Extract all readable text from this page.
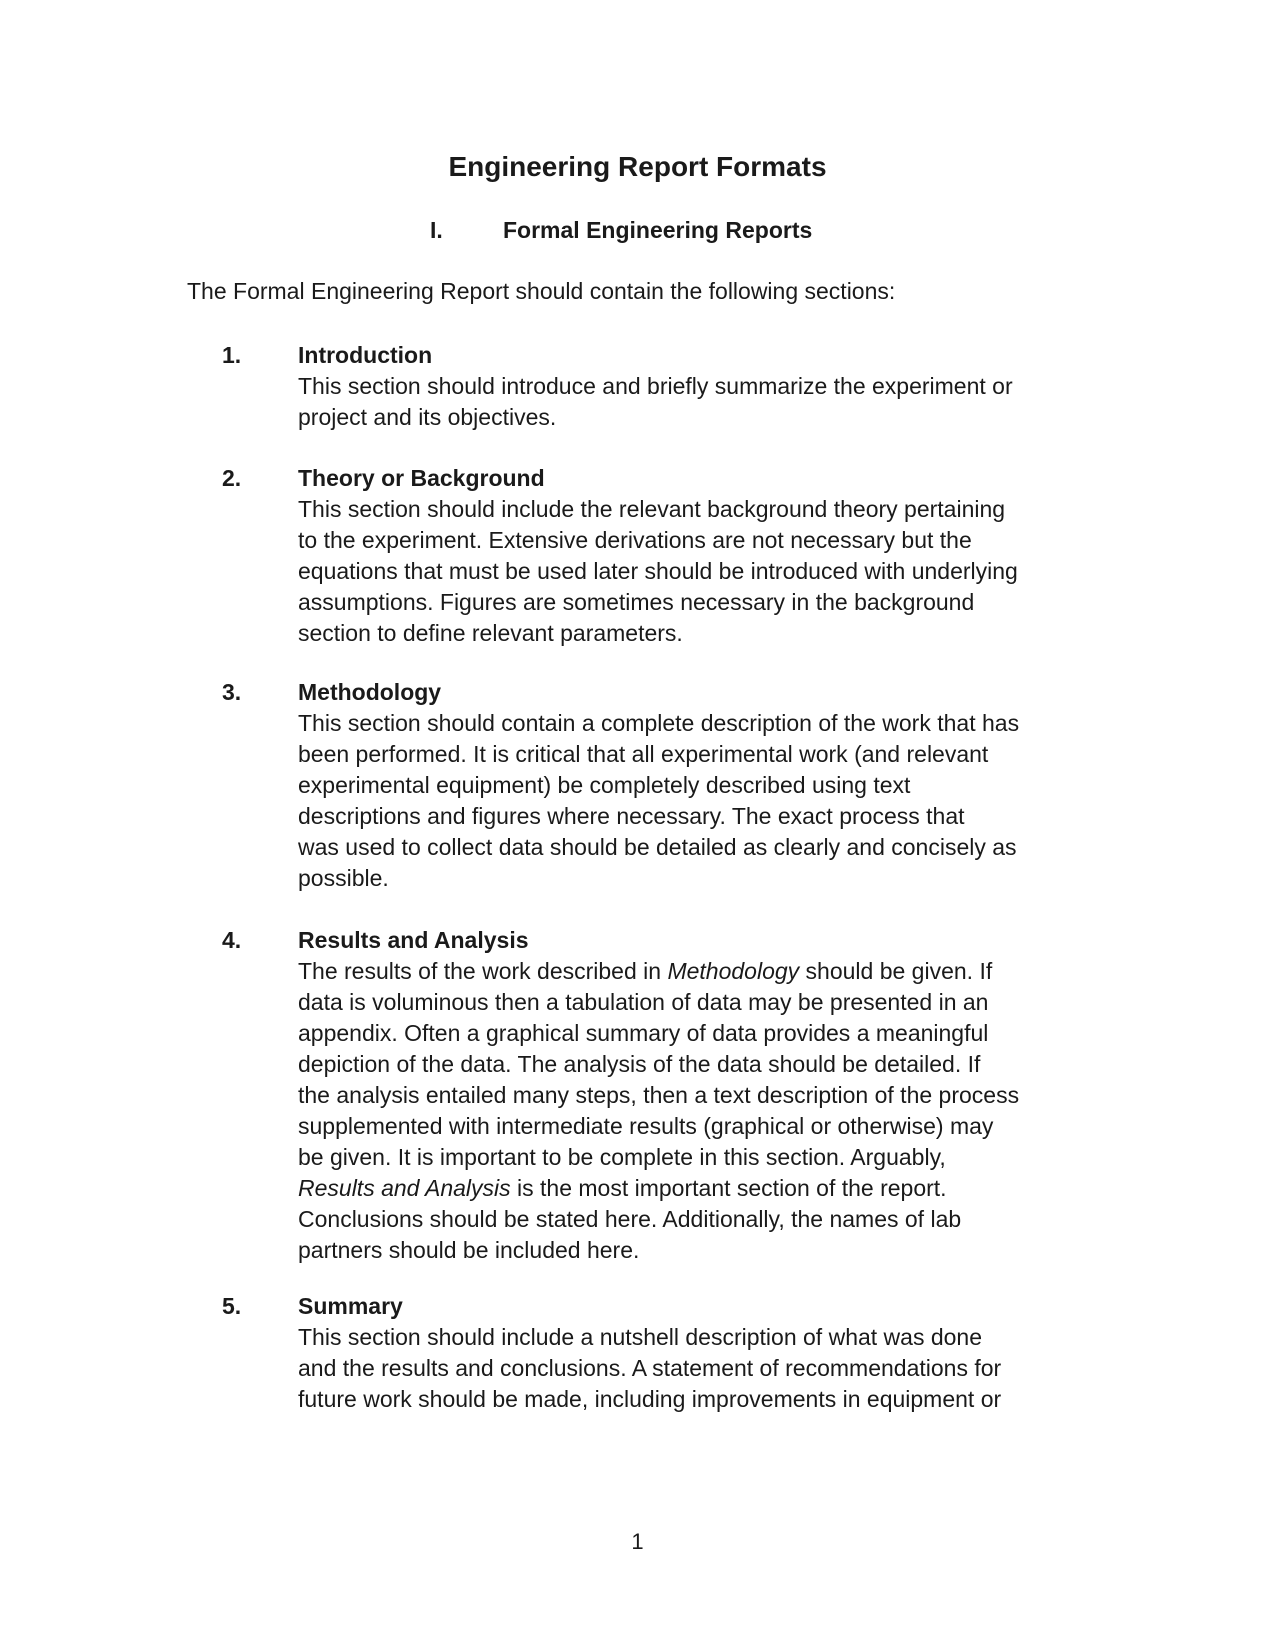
Engineering Report Formats
I.	Formal Engineering Reports

The Formal Engineering Report should contain the following sections:

1. Introduction
This section should introduce and briefly summarize the experiment or
project and its objectives.
2. Theory or Background
This section should include the relevant background theory pertaining
to the experiment. Extensive derivations are not necessary but the
equations that must be used later should be introduced with underlying
assumptions. Figures are sometimes necessary in the background
section to define relevant parameters.
3. Methodology
This section should contain a complete description of the work that has
been performed. It is critical that all experimental work (and relevant
experimental equipment) be completely described using text
descriptions and figures where necessary. The exact process that
was used to collect data should be detailed as clearly and concisely as
possible.
4. Results and Analysis
The results of the work described in Methodology should be given. If
data is voluminous then a tabulation of data may be presented in an
appendix. Often a graphical summary of data provides a meaningful
depiction of the data. The analysis of the data should be detailed. If
the analysis entailed many steps, then a text description of the process
supplemented with intermediate results (graphical or otherwise) may
be given. It is important to be complete in this section. Arguably,
Results and Analysis is the most important section of the report.
Conclusions should be stated here. Additionally, the names of lab
partners should be included here.
5. Summary
This section should include a nutshell description of what was done
and the results and conclusions. A statement of recommendations for
future work should be made, including improvements in equipment or
1
